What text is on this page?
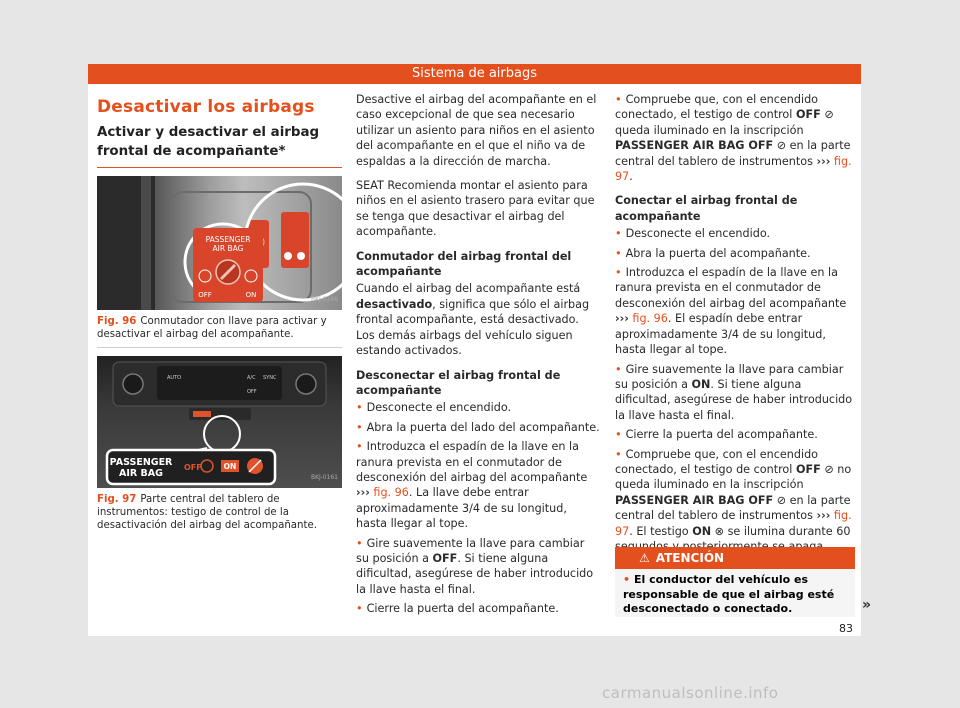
Sistema de airbags
Desactivar los airbags
Activar y desactivar el airbag frontal de acompañante*
PASSENGER
AIR BAG
OFF	ON
BKJ-0166

Fig. 96 Conmutador con llave para activar y desactivar el airbag del acompañante.

AUTO	A/C SYNC
OFF
PASSENGER
AIR BAG
OFF	ON
BKJ-0161

Fig. 97 Parte central del tablero de instrumentos: testigo de control de la desactivación del airbag del acompañante.

Desactive el airbag del acompañante en el caso excepcional de que sea necesario utilizar un asiento para niños en el asiento del acompañante en el que el niño va de espaldas a la dirección de marcha.

SEAT Recomienda montar el asiento para niños en el asiento trasero para evitar que se tenga que desactivar el airbag del acompañante.

Conmutador del airbag frontal del acompañante

Cuando el airbag del acompañante está desactivado, significa que sólo el airbag frontal acompañante, está desactivado. Los demás airbags del vehículo siguen estando activados.

Desconectar el airbag frontal de acompañante

• Desconecte el encendido.
• Abra la puerta del lado del acompañante.
• Introduzca el espadín de la llave en la ranura prevista en el conmutador de desconexión del airbag del acompañante ››› fig. 96. La llave debe entrar aproximadamente 3/4 de su longitud, hasta llegar al tope.
• Gire suavemente la llave para cambiar su posición a OFF. Si tiene alguna dificultad, asegúrese de haber introducido la llave hasta el final.
• Cierre la puerta del acompañante.
• Compruebe que, con el encendido conectado, el testigo de control OFF ⊘ queda iluminado en la inscripción PASSENGER AIR BAG OFF ⊘ en la parte central del tablero de instrumentos ››› fig. 97.

Conectar el airbag frontal de acompañante

• Desconecte el encendido.
• Abra la puerta del acompañante.
• Introduzca el espadín de la llave en la ranura prevista en el conmutador de desconexión del airbag del acompañante ››› fig. 96. El espadín debe entrar aproximadamente 3/4 de su longitud, hasta llegar al tope.
• Gire suavemente la llave para cambiar su posición a ON. Si tiene alguna dificultad, asegúrese de haber introducido la llave hasta el final.
• Cierre la puerta del acompañante.
• Compruebe que, con el encendido conectado, el testigo de control OFF ⊘ no queda iluminado en la inscripción PASSENGER AIR BAG OFF ⊘ en la parte central del tablero de instrumentos ››› fig. 97. El testigo ON ⊗ se ilumina durante 60
⚠ ATENCIÓN
• El conductor del vehículo es responsable de que el airbag esté desconectado o conectado.	»
83
carmanualsonline.info
